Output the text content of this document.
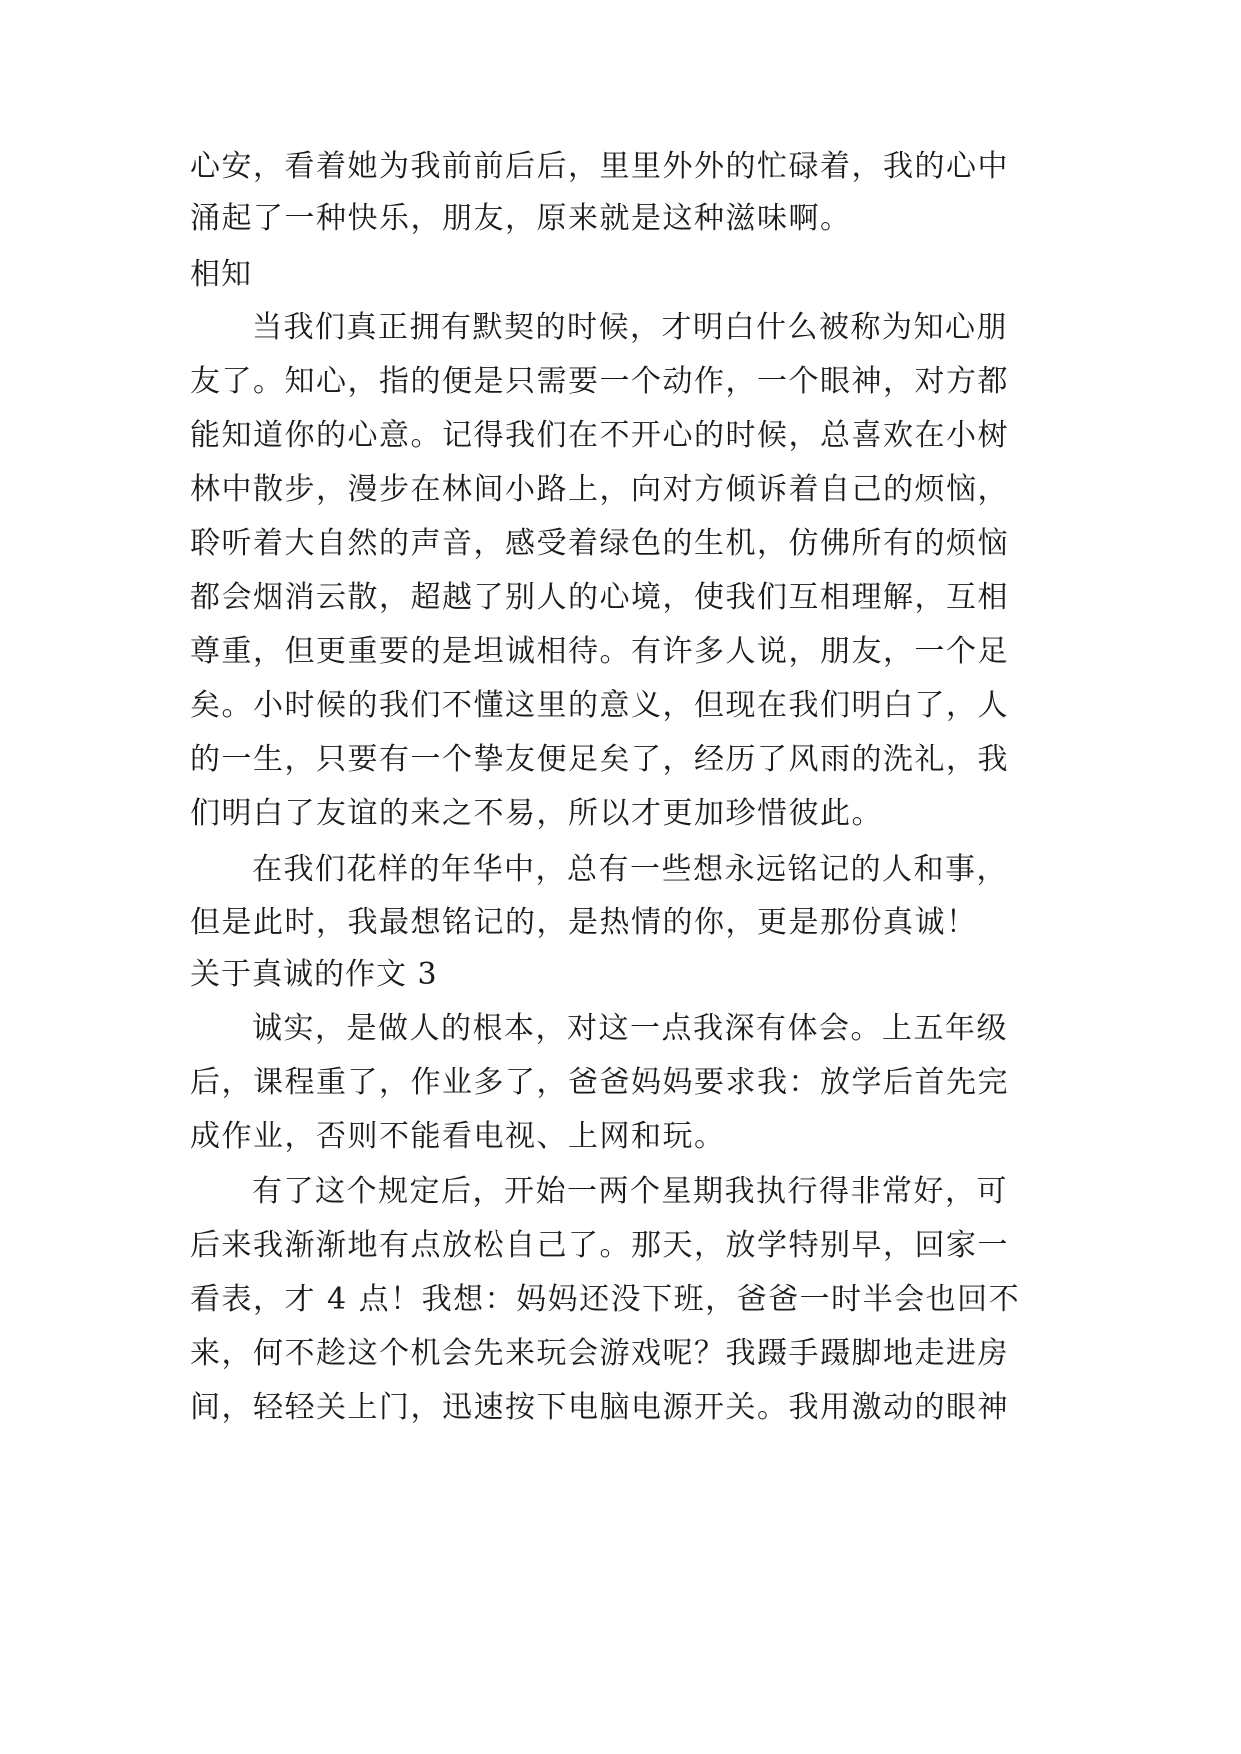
心安，看着她为我前前后后，里里外外的忙碌着，我的心中
涌起了一种快乐，朋友，原来就是这种滋味啊。
相知
当我们真正拥有默契的时候，才明白什么被称为知心朋
友了。知心，指的便是只需要一个动作，一个眼神，对方都
能知道你的心意。记得我们在不开心的时候，总喜欢在小树
林中散步，漫步在林间小路上，向对方倾诉着自己的烦恼，
聆听着大自然的声音，感受着绿色的生机，仿佛所有的烦恼
都会烟消云散，超越了别人的心境，使我们互相理解，互相
尊重，但更重要的是坦诚相待。有许多人说，朋友，一个足
矣。小时候的我们不懂这里的意义，但现在我们明白了，人
的一生，只要有一个挚友便足矣了，经历了风雨的洗礼，我
们明白了友谊的来之不易，所以才更加珍惜彼此。
在我们花样的年华中，总有一些想永远铭记的人和事，
但是此时，我最想铭记的，是热情的你，更是那份真诚！
关于真诚的作文 3
诚实，是做人的根本，对这一点我深有体会。上五年级
后，课程重了，作业多了，爸爸妈妈要求我：放学后首先完
成作业，否则不能看电视、上网和玩。
有了这个规定后，开始一两个星期我执行得非常好，可
后来我渐渐地有点放松自己了。那天，放学特别早，回家一
看表，才 4 点！我想：妈妈还没下班，爸爸一时半会也回不
来，何不趁这个机会先来玩会游戏呢？我蹑手蹑脚地走进房
间，轻轻关上门，迅速按下电脑电源开关。我用激动的眼神
